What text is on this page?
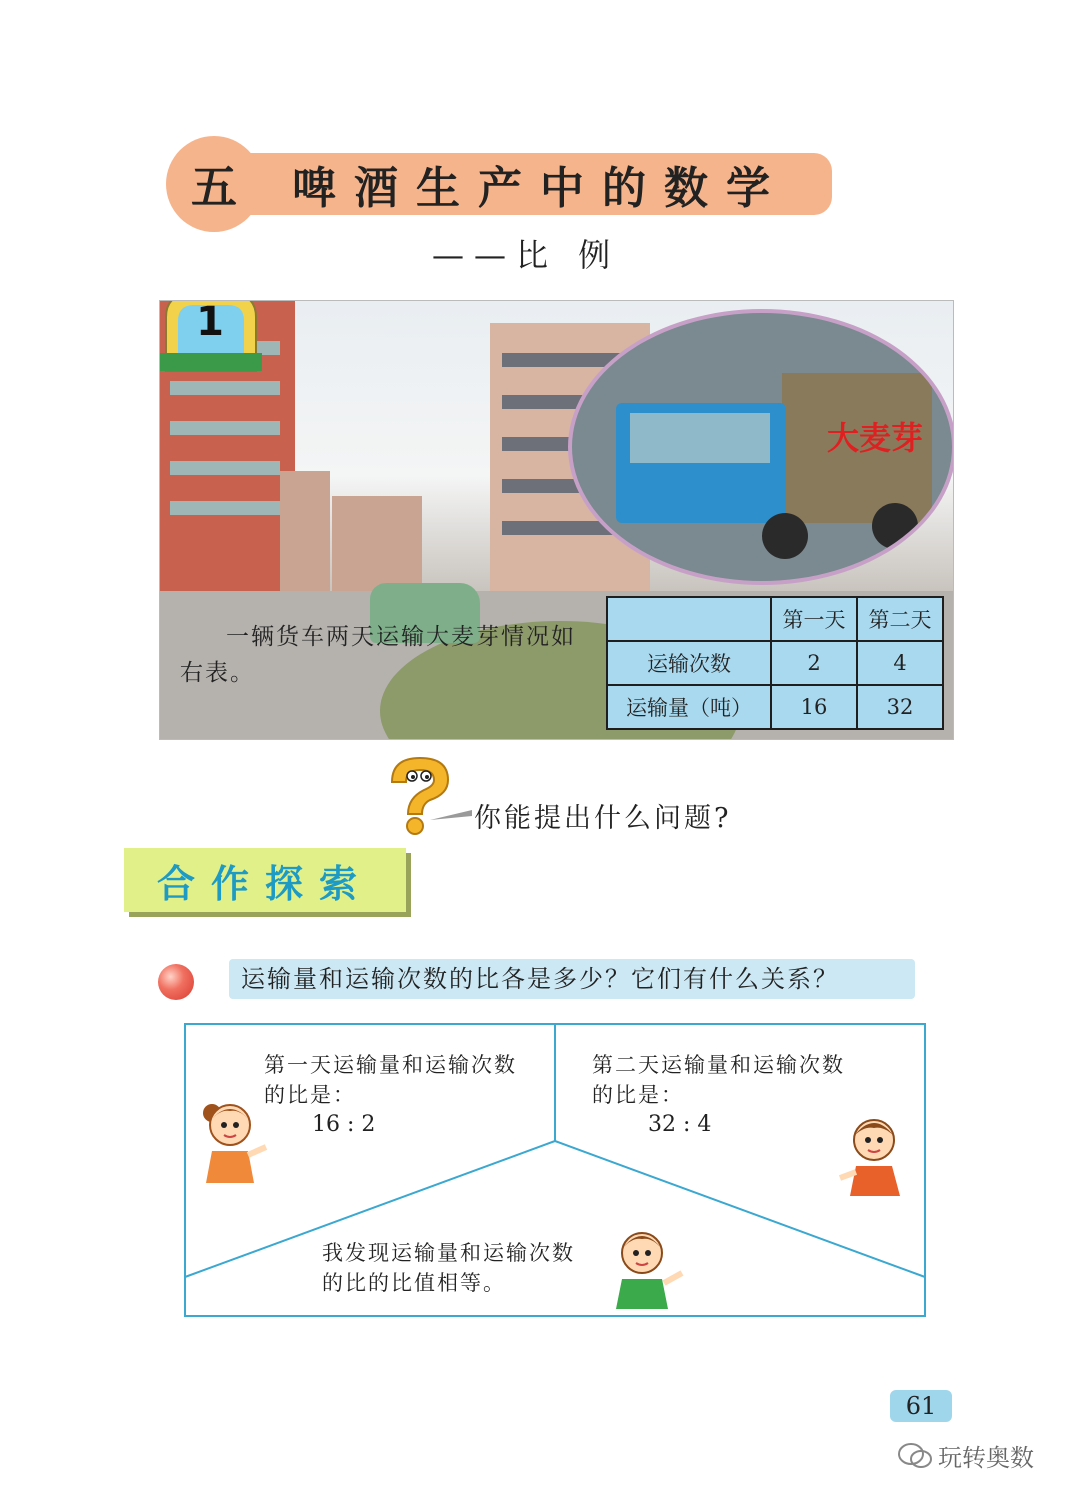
五	啤酒生产中的数学
——比 例
大麦芽
1
一辆货车两天运输大麦芽情况如右表。
	第一天	第二天
运输次数	2	4
运输量（吨）	16	32
你能提出什么问题?
合作探索
运输量和运输次数的比各是多少？它们有什么关系？
第一天运输量和运输次数的比是：
16 : 2
第二天运输量和运输次数的比是：
32 : 4
我发现运输量和运输次数的比的比值相等。
61
玩转奥数
